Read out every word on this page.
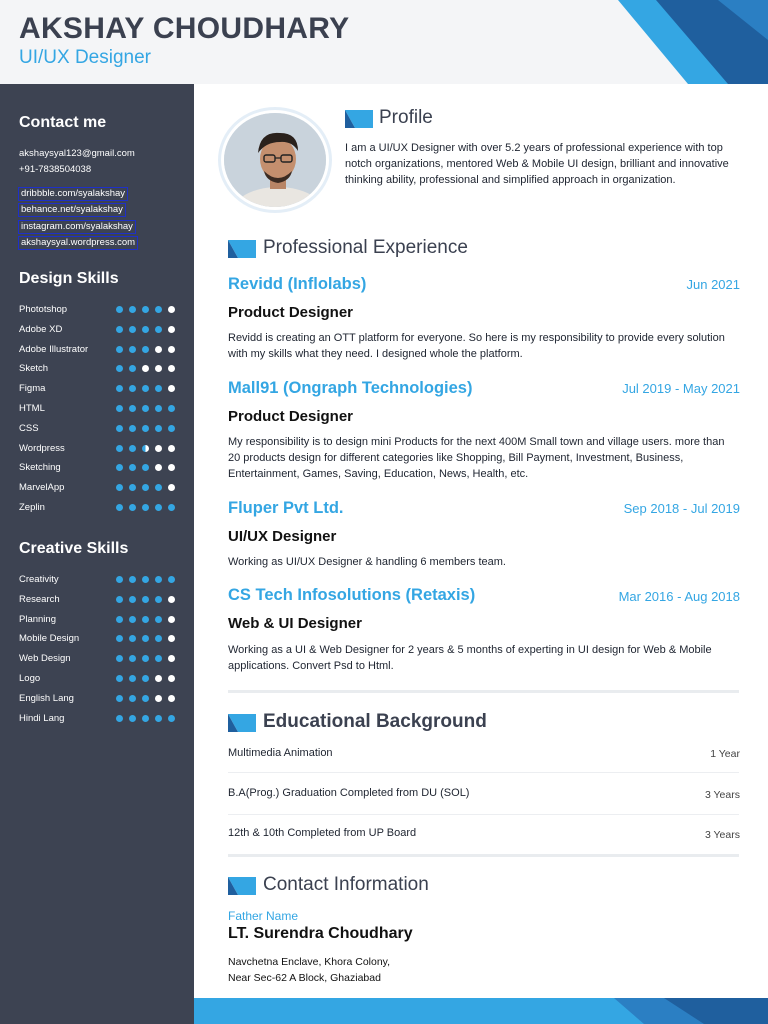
AKSHAY CHOUDHARY
UI/UX Designer
Contact me
akshaysyal123@gmail.com
+91-7838504038
dribbble.com/syalakshay
behance.net/syalakshay
instagram.com/syalakshay
akshaysyal.wordpress.com
Design Skills
Phototshop
Adobe XD
Adobe Illustrator
Sketch
Figma
HTML
CSS
Wordpress
Sketching
MarvelApp
Zeplin
Creative Skills
Creativity
Research
Planning
Mobile Design
Web Design
Logo
English Lang
Hindi Lang
Profile
I am a UI/UX Designer with over 5.2 years of professional experience with top notch organizations, mentored Web & Mobile UI design, brilliant and innovative thinking ability, professional and simplified approach in organization.
Professional Experience
Revidd (Inflolabs)	Jun 2021
Product Designer
Revidd is creating an OTT platform for everyone. So here is my responsibility to provide every solution with my skills what they need. I designed whole the platform.
Mall91 (Ongraph Technologies)	Jul 2019 - May 2021
Product Designer
My responsibility is to design mini Products for the next 400M Small town and village users. more than 20 products design for different categories like Shopping, Bill Payment, Investment, Business, Entertainment, Games, Saving, Education, News, Health, etc.
Fluper Pvt Ltd.	Sep 2018 - Jul 2019
UI/UX Designer
Working as UI/UX Designer & handling 6 members team.
CS Tech Infosolutions (Retaxis)	Mar 2016 - Aug 2018
Web & UI Designer
Working as a UI & Web Designer for 2 years & 5 months of experting in UI design for Web & Mobile applications. Convert Psd to Html.
Educational Background
Multimedia Animation	1 Year
B.A(Prog.) Graduation Completed from DU (SOL)	3 Years
12th & 10th Completed from UP Board	3 Years
Contact Information
Father Name
LT. Surendra Choudhary
Navchetna Enclave, Khora Colony,
Near Sec-62 A Block, Ghaziabad
